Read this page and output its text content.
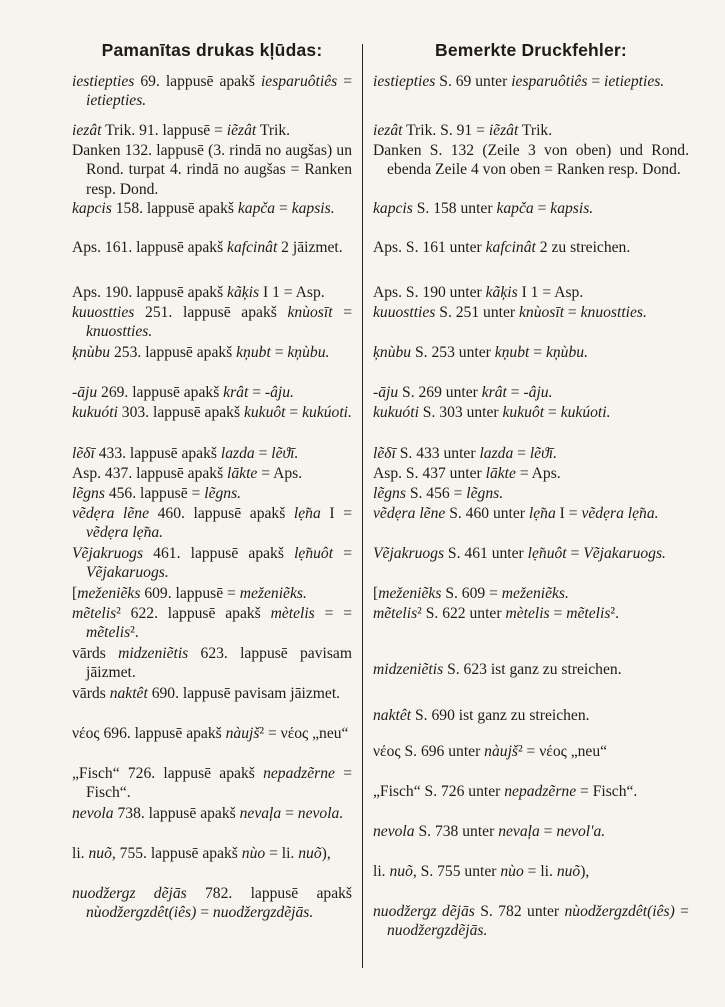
Pamanītas drukas kļūdas:
iestiepties 69. lappusē apakš iesparuôtiês = ietiepties.
iezât Trik. 91. lappusē = iẽzât Trik.
Danken 132. lappusē (3. rindā no augšas) un Rond. turpat 4. rindā no augšas = Ranken resp. Dond.
kapcis 158. lappusē apakš kapča = kapsis.
Aps. 161. lappusē apakš kafcinât 2 jāizmet.
Aps. 190. lappusē apakš kãķis I 1 = Asp.
kuuostties 251. lappusē apakš knùosīt = knuostties.
ķnùbu 253. lappusē apakš kņubt = kņùbu.
-āju 269. lappusē apakš krât = -âju.
kukuóti 303. lappusē apakš kukuôt = kukúoti.
lẽδī 433. lappusē apakš lazda = lẽϑī.
Asp. 437. lappusē apakš lākte = Aps.
lẽgns 456. lappusē = lẽgns.
vẽdẹra lẽne 460. lappusē apakš lẹ̃na I = vẽdẹra lẹ̃na.
Vẽjakruogs 461. lappusē apakš lẹ̃nuôt = Vẽjakaruogs.
[meženiẽks 609. lappusē = meženiẽks.
mẽtelis² 622. lappusē apakš mètelis = = mẽtelis².
vārds midzeniẽtis 623. lappusē pavisam jāizmet.
vārds naktêt 690. lappusē pavisam jāizmet.
νέος 696. lappusē apakš nàujš² = νέος „neu“
„Fisch“ 726. lappusē apakš nepadzẽrne = Fisch“.
nevola 738. lappusē apakš nevaļa = nevola.
li. nuõ, 755. lappusē apakš nùo = li. nuõ),
nuodžergz dẽjās 782. lappusē apakš nùodžergzdêt(iês) = nuodžergzdẽjās.
Bemerkte Druckfehler:
iestiepties S. 69 unter iesparuôtiês = ietiepties.
iezât Trik. S. 91 = iẽzât Trik.
Danken S. 132 (Zeile 3 von oben) und Rond. ebenda Zeile 4 von oben = Ranken resp. Dond.
kapcis S. 158 unter kapča = kapsis.
Aps. S. 161 unter kafcinât 2 zu streichen.
Aps. S. 190 unter kãķis I 1 = Asp.
kuuostties S. 251 unter knùosīt = knuostties.
ķnùbu S. 253 unter kņubt = kņùbu.
-āju S. 269 unter krât = -âju.
kukuóti S. 303 unter kukuôt = kukúoti.
lẽδī S. 433 unter lazda = lẽϑī.
Asp. S. 437 unter lākte = Aps.
lẽgns S. 456 = lẽgns.
vẽdẹra lẽne S. 460 unter lẹ̃na I = vẽdẹra lẹ̃na.
Vẽjakruogs S. 461 unter lẹ̃nuôt = Vẽjakaruogs.
[meženiẽks S. 609 = meženiẽks.
mẽtelis² S. 622 unter mètelis = mẽtelis².
midzeniẽtis S. 623 ist ganz zu streichen.
naktêt S. 690 ist ganz zu streichen.
νέος S. 696 unter nàujš² = νέος „neu“
„Fisch“ S. 726 unter nepadzẽrne = Fisch“.
nevola S. 738 unter nevaļa = nevol'a.
li. nuõ, S. 755 unter nùo = li. nuõ),
nuodžergz dẽjās S. 782 unter nùodžergzdêt(iês) = nuodžergzdẽjās.
